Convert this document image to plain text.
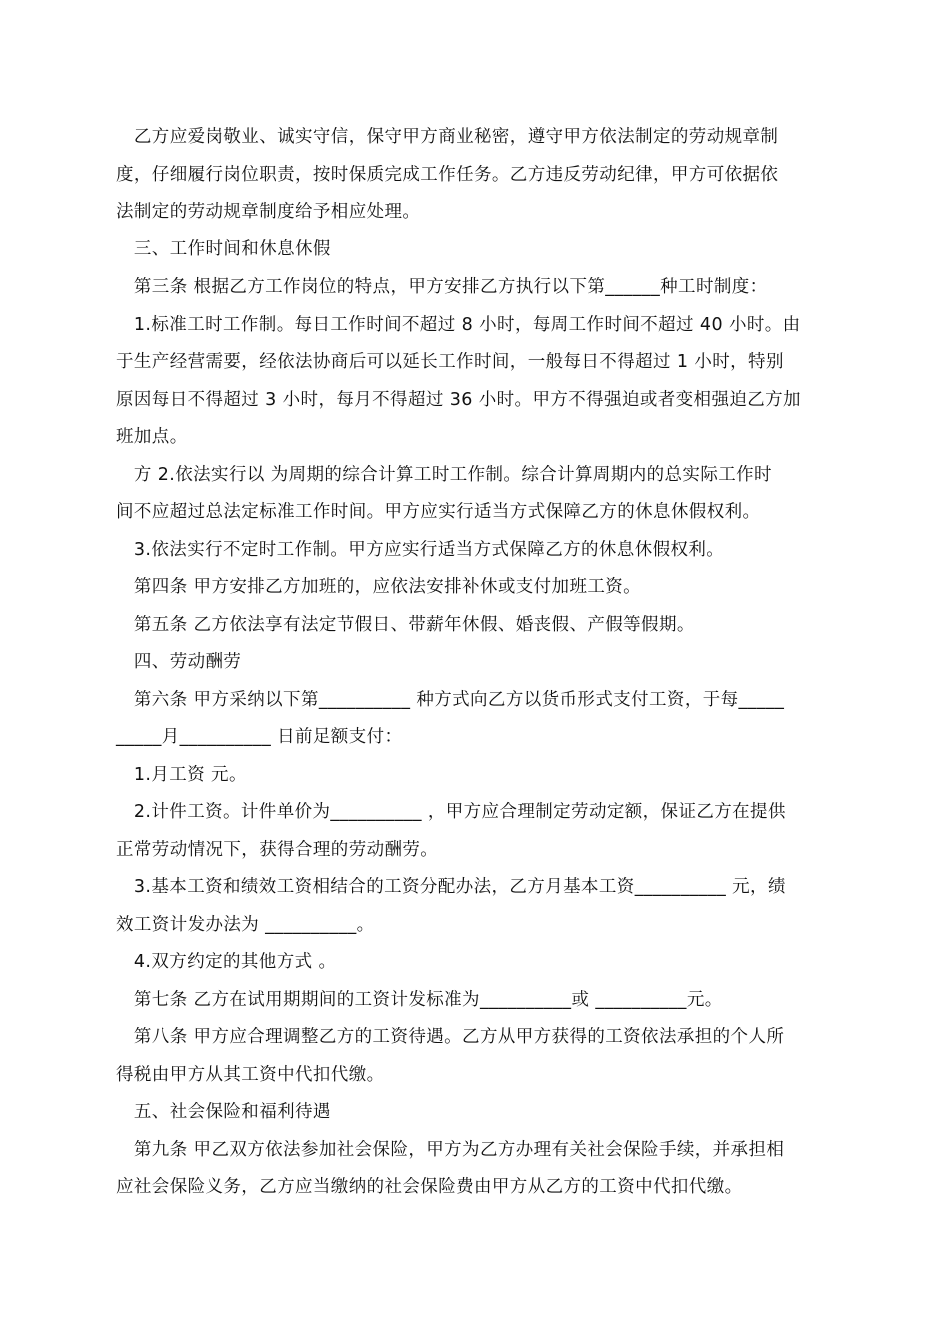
　乙方应爱岗敬业、诚实守信，保守甲方商业秘密，遵守甲方依法制定的劳动规章制
度，仔细履行岗位职责，按时保质完成工作任务。乙方违反劳动纪律，甲方可依据依
法制定的劳动规章制度给予相应处理。
　三、工作时间和休息休假
　第三条 根据乙方工作岗位的特点，甲方安排乙方执行以下第______种工时制度：
　1.标准工时工作制。每日工作时间不超过 8 小时，每周工作时间不超过 40 小时。由
于生产经营需要，经依法协商后可以延长工作时间，一般每日不得超过 1 小时，特别
原因每日不得超过 3 小时，每月不得超过 36 小时。甲方不得强迫或者变相强迫乙方加
班加点。
　方 2.依法实行以 为周期的综合计算工时工作制。综合计算周期内的总实际工作时
间不应超过总法定标准工作时间。甲方应实行适当方式保障乙方的休息休假权利。
　3.依法实行不定时工作制。甲方应实行适当方式保障乙方的休息休假权利。
　第四条 甲方安排乙方加班的，应依法安排补休或支付加班工资。
　第五条 乙方依法享有法定节假日、带薪年休假、婚丧假、产假等假期。
　四、劳动酬劳
　第六条 甲方采纳以下第__________ 种方式向乙方以货币形式支付工资，于每_____
_____月__________ 日前足额支付：
　1.月工资 元。
　2.计件工资。计件单价为__________ ，甲方应合理制定劳动定额，保证乙方在提供
正常劳动情况下，获得合理的劳动酬劳。
　3.基本工资和绩效工资相结合的工资分配办法，乙方月基本工资__________ 元，绩
效工资计发办法为 __________。
　4.双方约定的其他方式 。
　第七条 乙方在试用期期间的工资计发标准为__________或 __________元。
　第八条 甲方应合理调整乙方的工资待遇。乙方从甲方获得的工资依法承担的个人所
得税由甲方从其工资中代扣代缴。
　五、社会保险和福利待遇
　第九条 甲乙双方依法参加社会保险，甲方为乙方办理有关社会保险手续，并承担相
应社会保险义务，乙方应当缴纳的社会保险费由甲方从乙方的工资中代扣代缴。
